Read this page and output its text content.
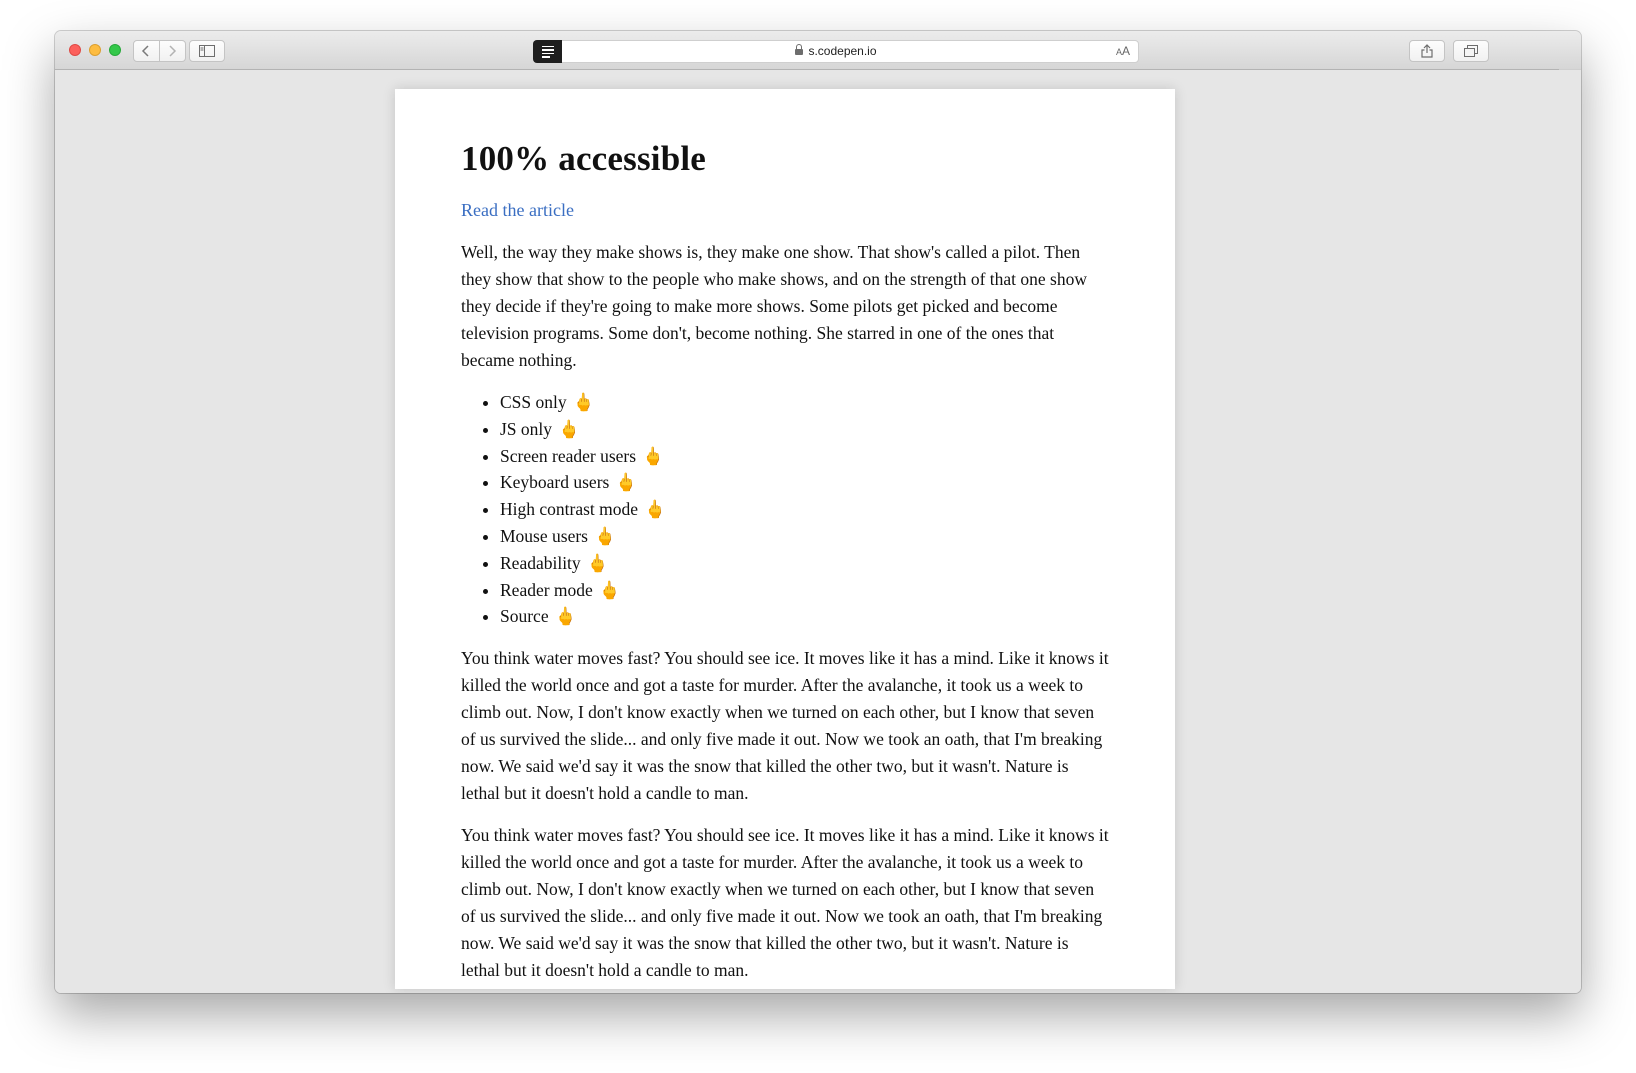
s.codepen.io	AA
100% accessible
Read the article

Well, the way they make shows is, they make one show. That show's called a pilot. Then they show that show to the people who make shows, and on the strength of that one show they decide if they're going to make more shows. Some pilots get picked and become television programs. Some don't, become nothing. She starred in one of the ones that became nothing.

• CSS only 🖕
• JS only 🖕
• Screen reader users 🖕
• Keyboard users 🖕
• High contrast mode 🖕
• Mouse users 🖕
• Readability 🖕
• Reader mode 🖕
• Source 🖕

You think water moves fast? You should see ice. It moves like it has a mind. Like it knows it killed the world once and got a taste for murder. After the avalanche, it took us a week to climb out. Now, I don't know exactly when we turned on each other, but I know that seven of us survived the slide... and only five made it out. Now we took an oath, that I'm breaking now. We said we'd say it was the snow that killed the other two, but it wasn't. Nature is lethal but it doesn't hold a candle to man.

You think water moves fast? You should see ice. It moves like it has a mind. Like it knows it killed the world once and got a taste for murder. After the avalanche, it took us a week to climb out. Now, I don't know exactly when we turned on each other, but I know that seven of us survived the slide... and only five made it out. Now we took an oath, that I'm breaking now. We said we'd say it was the snow that killed the other two, but it wasn't. Nature is lethal but it doesn't hold a candle to man.
